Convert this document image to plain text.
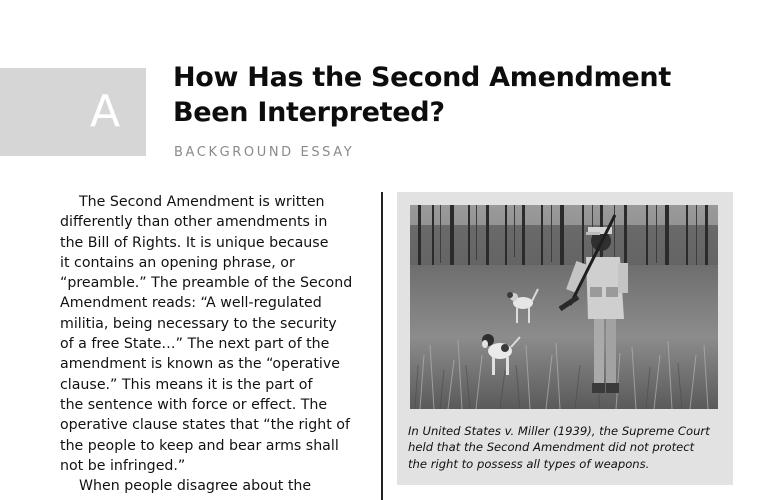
A
How Has the Second Amendment
Been Interpreted?
BACKGROUND ESSAY
The Second Amendment is written
differently than other amendments in
the Bill of Rights. It is unique because
it contains an opening phrase, or
“preamble.” The preamble of the Second
Amendment reads: “A well-regulated
militia, being necessary to the security
of a free State…” The next part of the
amendment is known as the “operative
clause.” This means it is the part of
the sentence with force or effect. The
operative clause states that “the right of
the people to keep and bear arms shall
not be infringed.”
When people disagree about the
In United States v. Miller (1939), the Supreme Court
held that the Second Amendment did not protect
the right to possess all types of weapons.
